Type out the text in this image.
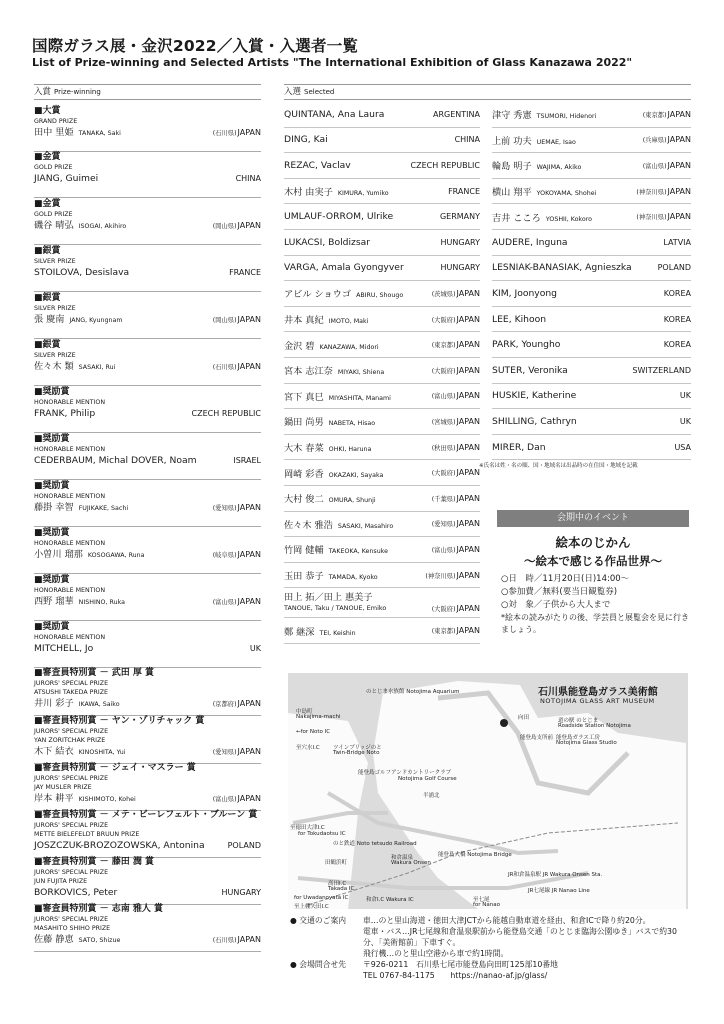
国際ガラス展・金沢2022／入賞・入選者一覧
List of Prize-winning and Selected Artists "The International Exhibition of Glass Kanazawa 2022"
入賞 Prize-winning	入選 Selected
■大賞
GRAND PRIZE
田中 里姫 TANAKA, Saki	(石川県)JAPAN
■金賞
GOLD PRIZE
JIANG, Guimei	CHINA
■金賞
GOLD PRIZE
磯谷 晴弘 ISOGAI, Akihiro	(岡山県)JAPAN
■銀賞
SILVER PRIZE
STOILOVA, Desislava	FRANCE
■銀賞
SILVER PRIZE
張 慶南 JANG, Kyungnam	(岡山県)JAPAN
■銀賞
SILVER PRIZE
佐々木 類 SASAKI, Rui	(石川県)JAPAN
■奨励賞
HONORABLE MENTION
FRANK, Philip	CZECH REPUBLIC
■奨励賞
HONORABLE MENTION
CEDERBAUM, Michal DOVER, Noam	ISRAEL
■奨励賞
HONORABLE MENTION
藤掛 幸智 FUJIKAKE, Sachi	(愛知県)JAPAN
■奨励賞
HONORABLE MENTION
小曽川 瑠那 KOSOGAWA, Runa	(岐阜県)JAPAN
■奨励賞
HONORABLE MENTION
西野 瑠華 NISHINO, Ruka	(富山県)JAPAN
■奨励賞
HONORABLE MENTION
MITCHELL, Jo	UK
■審査員特別賞 － 武田 厚 賞
JURORS' SPECIAL PRIZE
ATSUSHI TAKEDA PRIZE
井川 彩子 IKAWA, Saiko	(京都府)JAPAN
■審査員特別賞 － ヤン・ゾリチャック 賞
JURORS' SPECIAL PRIZE
YAN ZORITCHAK PRIZE
木下 結衣 KINOSHITA, Yui	(愛知県)JAPAN
■審査員特別賞 － ジェイ・マスラー 賞
JURORS' SPECIAL PRIZE
JAY MUSLER PRIZE
岸本 耕平 KISHIMOTO, Kohei	(富山県)JAPAN
■審査員特別賞 － メテ・ビーレフェルト・ブルーン 賞
JURORS' SPECIAL PRIZE
METTE BIELEFELDT BRUUN PRIZE
JOSZCZUK-BROZOZOWSKA, Antonina	POLAND
■審査員特別賞 － 藤田 潤 賞
JURORS' SPECIAL PRIZE
JUN FUJITA PRIZE
BORKOVICS, Peter	HUNGARY
■審査員特別賞 － 志南 雅人 賞
JURORS' SPECIAL PRIZE
MASAHITO SHIHO PRIZE
佐藤 静恵 SATO, Shizue	(石川県)JAPAN
QUINTANA, Ana Laura	ARGENTINA
DING, Kai	CHINA
REZAC, Vaclav	CZECH REPUBLIC
木村 由実子 KIMURA, Yumiko	FRANCE
UMLAUF-ORROM, Ulrike	GERMANY
LUKACSI, Boldizsar	HUNGARY
VARGA, Amala Gyongyver	HUNGARY
アビル ショウゴ ABIRU, Shougo	(茨城県)JAPAN
井本 真紀 IMOTO, Maki	(大阪府)JAPAN
金沢 碧 KANAZAWA, Midori	(東京都)JAPAN
宮本 志江奈 MIYAKI, Shiena	(大阪府)JAPAN
宮下 真巳 MIYASHITA, Manami	(富山県)JAPAN
鍋田 尚男 NABETA, Hisao	(宮城県)JAPAN
大木 春菜 OHKI, Haruna	(秋田県)JAPAN
岡崎 彩香 OKAZAKI, Sayaka	(大阪府)JAPAN
大村 俊二 OMURA, Shunji	(千葉県)JAPAN
佐々木 雅浩 SASAKI, Masahiro	(愛知県)JAPAN
竹岡 健輔 TAKEOKA, Kensuke	(富山県)JAPAN
玉田 恭子 TAMADA, Kyoko	(神奈川県)JAPAN
田上 拓／田上 惠美子
TANOUE, Taku / TANOUE, Emiko	(大阪府)JAPAN
鄭 継深 TEI, Keishin	(東京都)JAPAN
津守 秀憲 TSUMORI, Hidenori	(東京都)JAPAN
上前 功夫 UEMAE, Isao	(兵庫県)JAPAN
輪島 明子 WAJIMA, Akiko	(富山県)JAPAN
横山 翔平 YOKOYAMA, Shohei	(神奈川県)JAPAN
吉井 こころ YOSHII, Kokoro	(神奈川県)JAPAN
AUDERE, Inguna	LATVIA
LESNIAK-BANASIAK, Agnieszka	POLAND
KIM, Joonyong	KOREA
LEE, Kihoon	KOREA
PARK, Youngho	KOREA
SUTER, Veronika	SWITZERLAND
HUSKIE, Katherine	UK
SHILLING, Cathryn	UK
MIRER, Dan	USA
※氏名は姓・名の順、国・地域名は出品時の在住国・地域を記載
会期中のイベント
絵本のじかん
～絵本で感じる作品世界～
○日　時／11月20日(日)14:00～
○参加費／無料(要当日観覧券)
○対　象／子供から大人まで
*絵本の読みがたりの後、学芸員と展覧会を見に行きましょう。
石川県能登島ガラス美術館
NOTOJIMA GLASS ART MUSEUM
のとじま水族館 Notojima Aquarium
中島町
Nakajima-machi
←for Noto IC
至穴水I.C ツインブリッジのと
Twin-Bridge Noto
能登島ゴルフアンドカントリークラブ
Notojima Golf Course
向田	道の駅 のとじま
Roadside Station Notojima
能登島ガラス工房
Notojima Glass Studio
能登島支所前
半浦北
至徳田大津I.C
for Tokudaotsu IC
のと鉄道 Noto tetsudo Railroad
和倉温泉
Wakura Onsen
能登島大橋 Notojima Bridge
JR和倉温泉駅 JR Wakura Onsen Sta.
JR七尾線 JR Nanao Line
田鶴浜町
高田I.C
Takada IC
和倉I.C Wakura IC
for Uwadanoyata IC
至上棚矢田I.C
至七尾
for Nanao
● 交通のご案内	車…のと里山海道・徳田大津JCTから能越自動車道を経由、和倉ICで降り約20分。
電車・バス…JR七尾線和倉温泉駅前から能登島交通「のとじま臨海公園ゆき」バスで約30分、「美術館前」下車すぐ。
飛行機…のと里山空港から車で約1時間。
● 会場問合せ先	〒926-0211　石川県七尾市能登島向田町125部10番地
TEL 0767-84-1175　　https://nanao-af.jp/glass/
